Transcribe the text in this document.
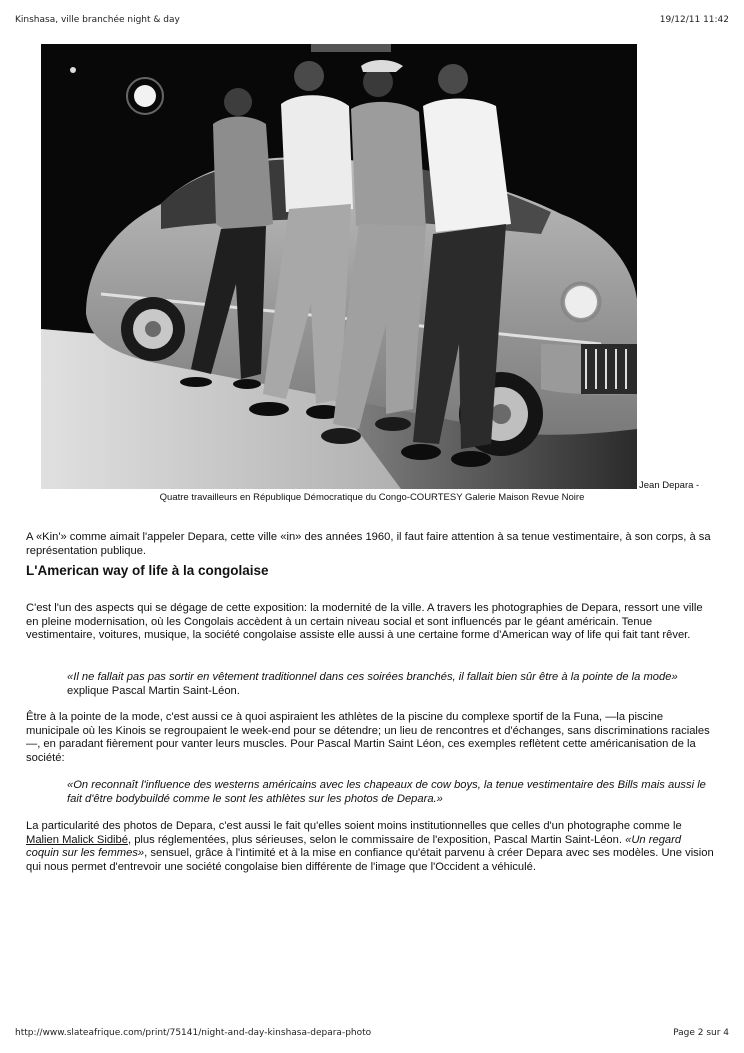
Kinshasa, ville branchée night & day	19/12/11 11:42
Jean Depara -
Quatre travailleurs en République Démocratique du Congo-COURTESY Galerie Maison Revue Noire

A «Kin'» comme aimait l'appeler Depara, cette ville «in» des années 1960, il faut faire attention à sa tenue vestimentaire, à son corps, à sa représentation publique.

L'American way of life à la congolaise

C'est l'un des aspects qui se dégage de cette exposition: la modernité de la ville. A travers les photographies de Depara, ressort une ville en pleine modernisation, où les Congolais accèdent à un certain niveau social et sont influencés par le géant américain. Tenue vestimentaire, voitures, musique, la société congolaise assiste elle aussi à une certaine forme d'American way of life qui fait tant rêver.

«Il ne fallait pas pas sortir en vêtement traditionnel dans ces soirées branchés, il fallait bien sûr être à la pointe de la mode» explique Pascal Martin Saint-Léon.

Être à la pointe de la mode, c'est aussi ce à quoi aspiraient les athlètes de la piscine du complexe sportif de la Funa, —la piscine municipale où les Kinois se regroupaient le week-end pour se détendre; un lieu de rencontres et d'échanges, sans discriminations raciales—, en paradant fièrement pour vanter leurs muscles. Pour Pascal Martin Saint Léon, ces exemples reflètent cette américanisation de la société:

«On reconnaît l'influence des westerns américains avec les chapeaux de cow boys, la tenue vestimentaire des Bills mais aussi le fait d'être bodybuildé comme le sont les athlètes sur les photos de Depara.»

La particularité des photos de Depara, c'est aussi le fait qu'elles soient moins institutionnelles que celles d'un photographe comme le Malien Malick Sidibé, plus réglementées, plus sérieuses, selon le commissaire de l'exposition, Pascal Martin Saint-Léon. «Un regard coquin sur les femmes», sensuel, grâce à l'intimité et à la mise en confiance qu'était parvenu à créer Depara avec ses modèles. Une vision qui nous permet d'entrevoir une société congolaise bien différente de l'image que l'Occident a véhiculé.

http://www.slateafrique.com/print/75141/night-and-day-kinshasa-depara-photo	Page 2 sur 4
